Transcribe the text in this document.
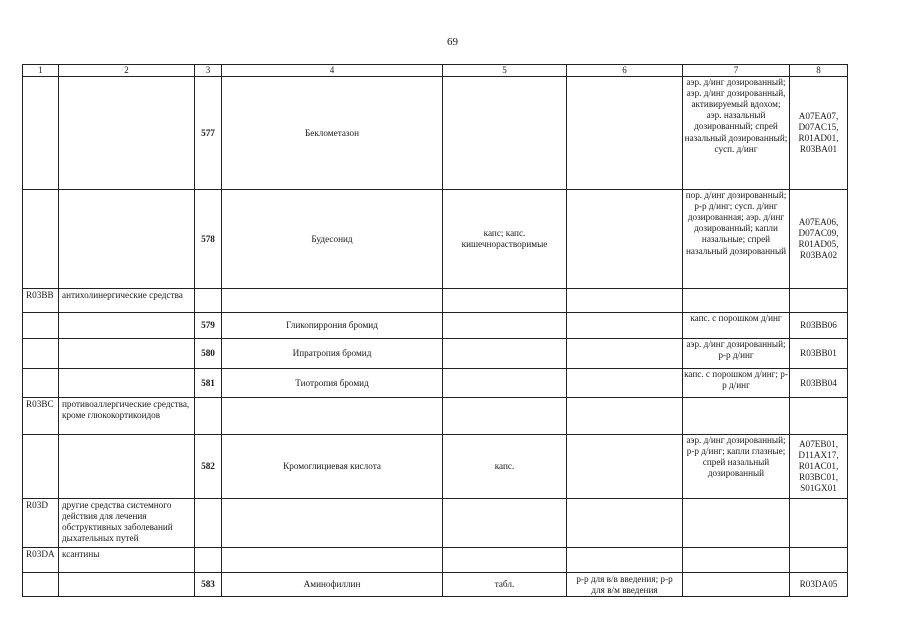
69
1	2	3	4	5	6	7	8
		577	Беклометазон			аэр. д/инг дозированный; аэр. д/инг дозированный, активируемый вдохом; аэр. назальный дозированный; спрей назальный дозированный; сусп. д/инг	A07EA07,
D07AC15,
R01AD01,
R03BA01
		578	Будесонид	капс; капс. кишечнорастворимые		пор. д/инг дозированный; р-р д/инг; сусп. д/инг дозированная; аэр. д/инг дозированный; капли назальные; спрей назальный дозированный	A07EA06,
D07AC09,
R01AD05,
R03BA02
R03BB	антихолинергические средства						
		579	Гликопиррония бромид			капс. с порошком д/инг	R03BB06
		580	Ипратропия бромид			аэр. д/инг дозированный; р-р д/инг	R03BB01
		581	Тиотропия бромид			капс. с порошком д/инг; р-р д/инг	R03BB04
R03BC	противоаллергические средства, кроме глюкокортикоидов						
		582	Кромоглициевая кислота	капс.		аэр. д/инг дозированный; р-р д/инг; капли глазные; спрей назальный дозированный	A07EB01,
D11AX17,
R01AC01,
R03BC01,
S01GX01
R03D	другие средства системного действия для лечения обструктивных заболеваний дыхательных путей						
R03DA	ксантины						
		583	Аминофиллин	табл.	р-р для в/в введения; р-р для в/м введения		R03DA05
